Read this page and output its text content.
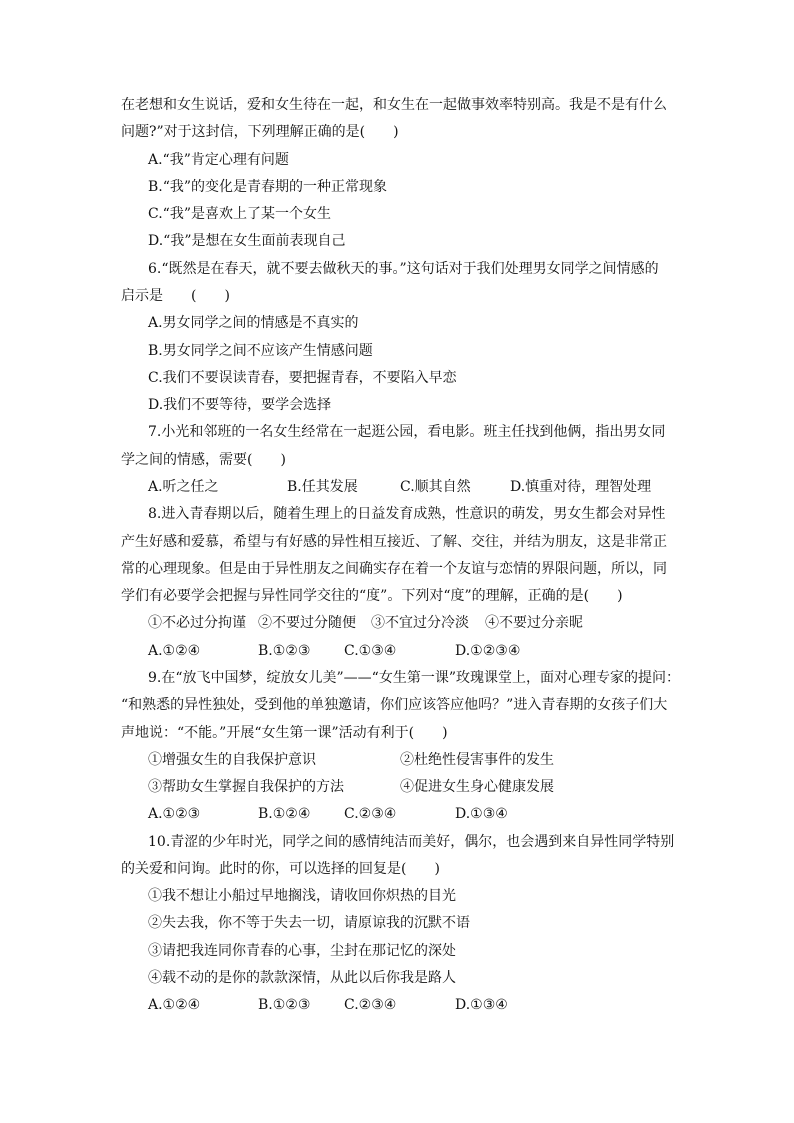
在老想和女生说话，爱和女生待在一起，和女生在一起做事效率特别高。我是不是有什么
问题?”对于这封信，下列理解正确的是(　　)
A.“我”肯定心理有问题
B.“我”的变化是青春期的一种正常现象
C.“我”是喜欢上了某一个女生
D.“我”是想在女生面前表现自己
6.“既然是在春天，就不要去做秋天的事。”这句话对于我们处理男女同学之间情感的
启示是　　(　　)
A.男女同学之间的情感是不真实的
B.男女同学之间不应该产生情感问题
C.我们不要误读青春，要把握青春，不要陷入早恋
D.我们不要等待，要学会选择
7.小光和邻班的一名女生经常在一起逛公园，看电影。班主任找到他俩，指出男女同
学之间的情感，需要(　　)
A.听之任之	B.任其发展	C.顺其自然	D.慎重对待，理智处理
8.进入青春期以后，随着生理上的日益发育成熟，性意识的萌发，男女生都会对异性
产生好感和爱慕，希望与有好感的异性相互接近、了解、交往，并结为朋友，这是非常正
常的心理现象。但是由于异性朋友之间确实存在着一个友谊与恋情的界限问题，所以，同
学们有必要学会把握与异性同学交往的“度”。下列对“度”的理解，正确的是(　　)
①不必过分拘谨 ②不要过分随便 ③不宜过分冷淡 ④不要过分亲昵
A.①②④	B.①②③ C.①③④	D.①②③④
9.在“放飞中国梦，绽放女儿美”——“女生第一课”玫瑰课堂上，面对心理专家的提问：
“和熟悉的异性独处，受到他的单独邀请，你们应该答应他吗？”进入青春期的女孩子们大
声地说：“不能。”开展“女生第一课”活动有利于(　　)
①增强女生的自我保护意识	②杜绝性侵害事件的发生
③帮助女生掌握自我保护的方法	④促进女生身心健康发展
A.①②③	B.①②④ C.②③④	D.①③④
10.青涩的少年时光，同学之间的感情纯洁而美好，偶尔，也会遇到来自异性同学特别
的关爱和问询。此时的你，可以选择的回复是(　　)
①我不想让小船过早地搁浅，请收回你炽热的目光
②失去我，你不等于失去一切，请原谅我的沉默不语
③请把我连同你青春的心事，尘封在那记忆的深处
④载不动的是你的款款深情，从此以后你我是路人
A.①②④	B.①②③ C.②③④	D.①③④
